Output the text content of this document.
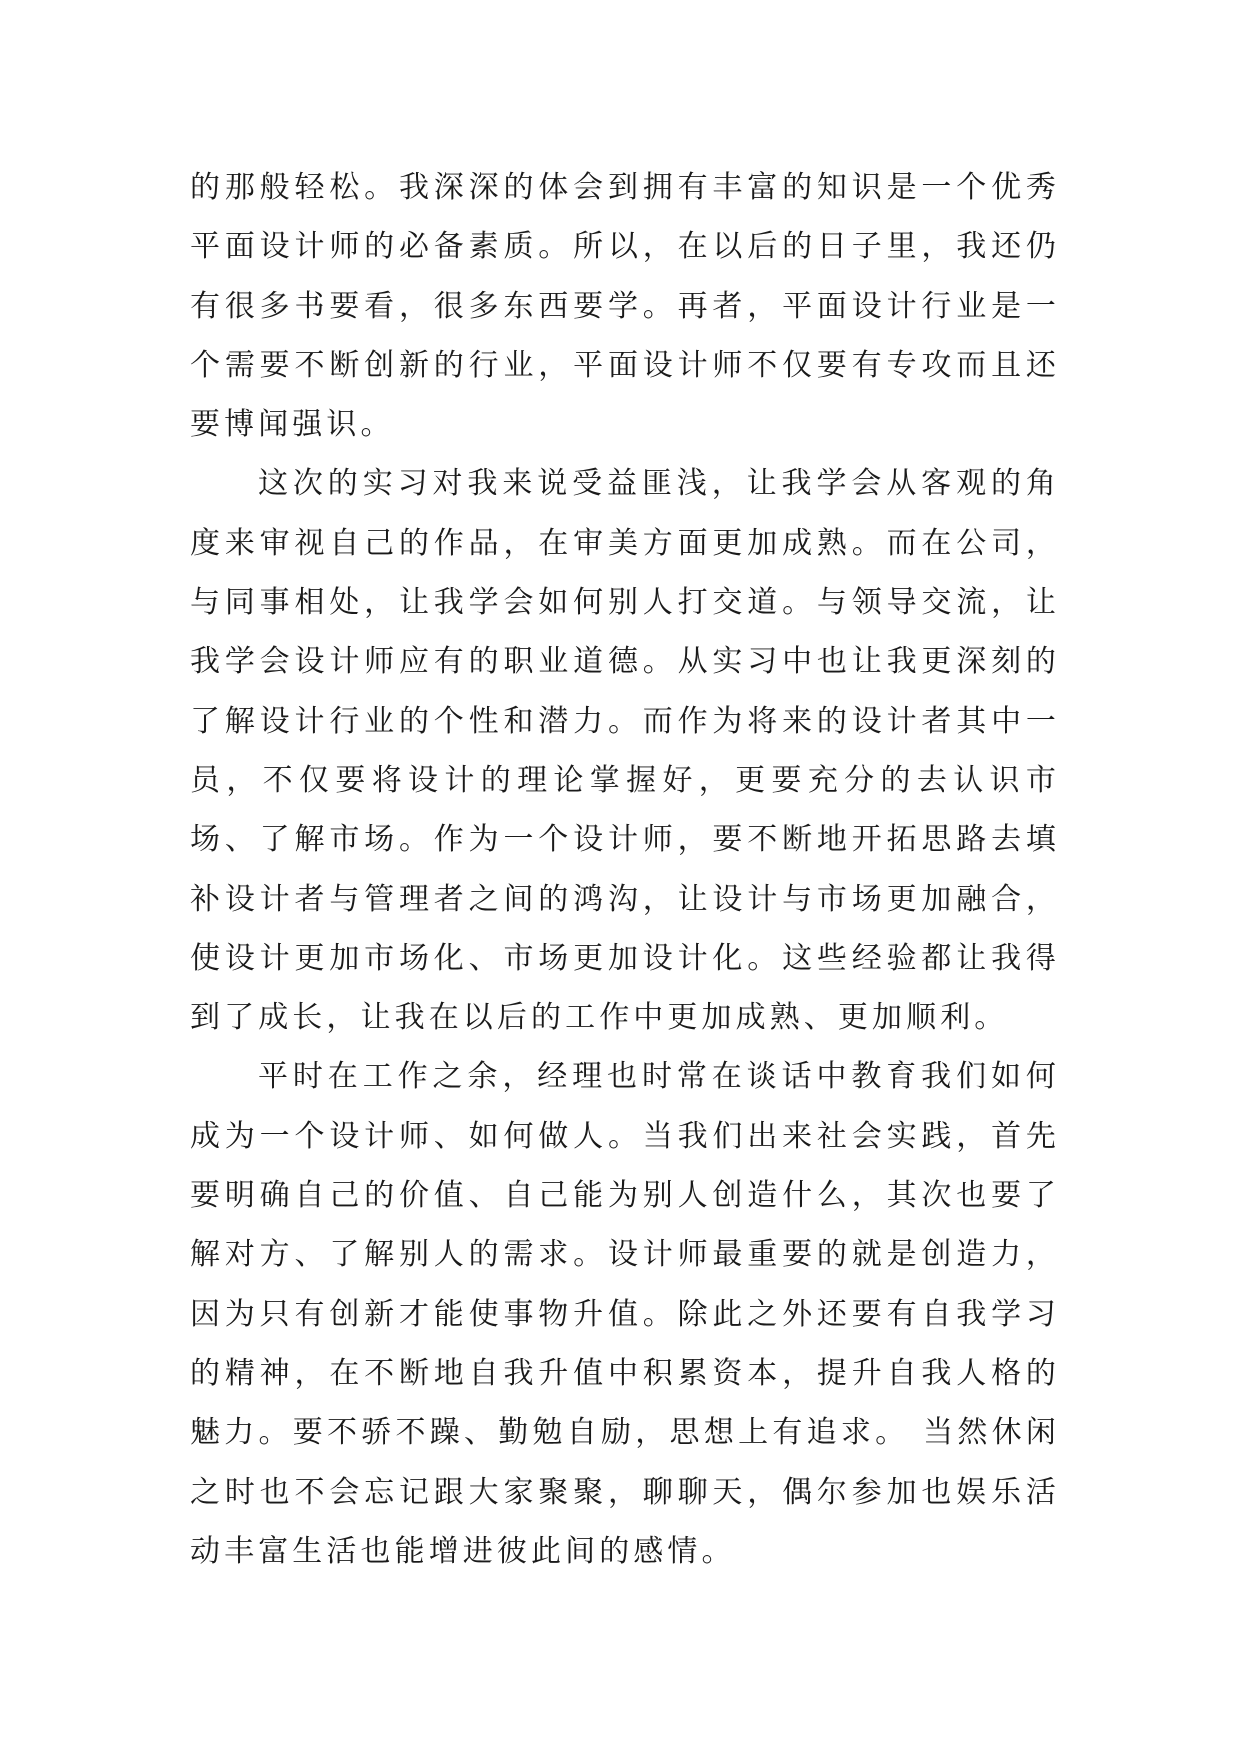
的那般轻松。我深深的体会到拥有丰富的知识是一个优秀平面设计师的必备素质。所以，在以后的日子里，我还仍有很多书要看，很多东西要学。再者，平面设计行业是一个需要不断创新的行业，平面设计师不仅要有专攻而且还要博闻强识。

这次的实习对我来说受益匪浅，让我学会从客观的角度来审视自己的作品，在审美方面更加成熟。而在公司，与同事相处，让我学会如何别人打交道。与领导交流，让我学会设计师应有的职业道德。从实习中也让我更深刻的了解设计行业的个性和潜力。而作为将来的设计者其中一员，不仅要将设计的理论掌握好，更要充分的去认识市场、了解市场。作为一个设计师，要不断地开拓思路去填补设计者与管理者之间的鸿沟，让设计与市场更加融合，使设计更加市场化、市场更加设计化。这些经验都让我得到了成长，让我在以后的工作中更加成熟、更加顺利。

平时在工作之余，经理也时常在谈话中教育我们如何成为一个设计师、如何做人。当我们出来社会实践，首先要明确自己的价值、自己能为别人创造什么，其次也要了解对方、了解别人的需求。设计师最重要的就是创造力，因为只有创新才能使事物升值。除此之外还要有自我学习的精神，在不断地自我升值中积累资本，提升自我人格的魅力。要不骄不躁、勤勉自励，思想上有追求。 当然休闲之时也不会忘记跟大家聚聚，聊聊天，偶尔参加也娱乐活动丰富生活也能增进彼此间的感情。
